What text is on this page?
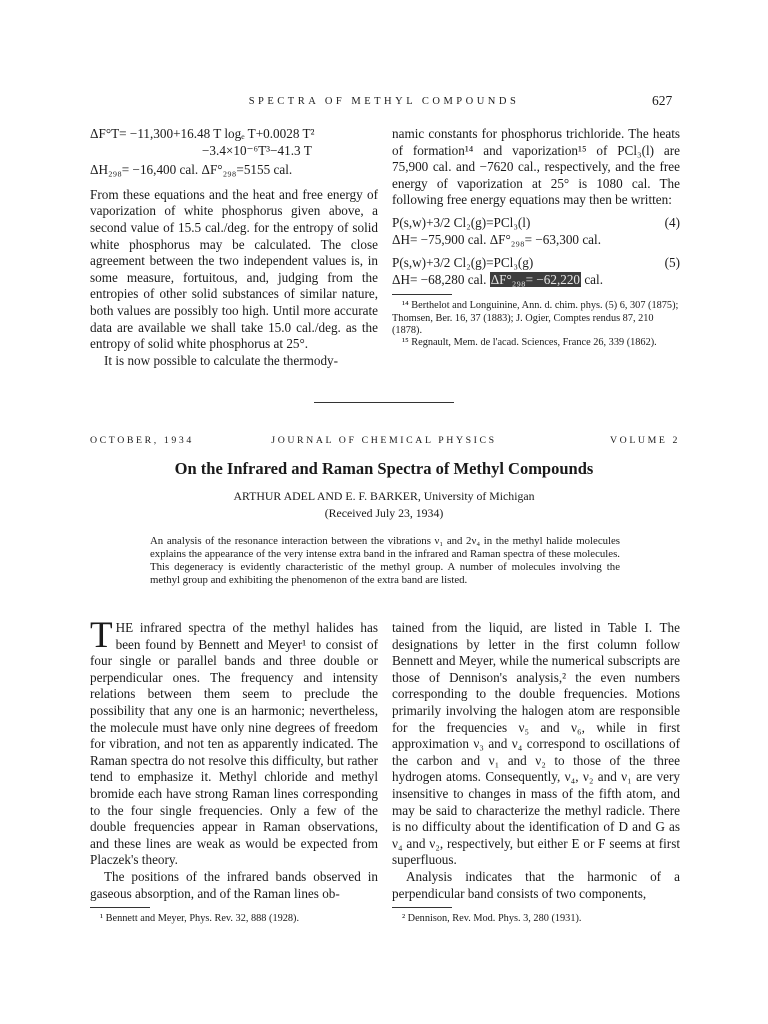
SPECTRA OF METHYL COMPOUNDS	627
ΔF°T= −11,300+16.48 T logₑ T+0.0028 T²
−3.4×10⁻⁶T³−41.3 T
ΔH₂₉₈= −16,400 cal. ΔF°₂₉₈=5155 cal.

From these equations and the heat and free energy of vaporization of white phosphorus given above, a second value of 15.5 cal./deg. for the entropy of solid white phosphorus may be calculated. The close agreement between the two independent values is, in some measure, fortuitous, and, judging from the entropies of other solid substances of similar nature, both values are possibly too high. Until more accurate data are available we shall take 15.0 cal./deg. as the entropy of solid white phosphorus at 25°.

It is now possible to calculate the thermody-

namic constants for phosphorus trichloride. The heats of formation¹⁴ and vaporization¹⁵ of PCl₃(l) are 75,900 cal. and −7620 cal., respectively, and the free energy of vaporization at 25° is 1080 cal. The following free energy equations may then be written:

P(s,w)+3/2 Cl₂(g)=PCl₃(l)	(4)
ΔH= −75,900 cal. ΔF°₂₉₈= −63,300 cal.
P(s,w)+3/2 Cl₂(g)=PCl₃(g)	(5)
ΔH= −68,280 cal. ΔF°₂₉₈= −62,220 cal.

¹⁴ Berthelot and Longuinine, Ann. d. chim. phys. (5) 6, 307 (1875); Thomsen, Ber. 16, 37 (1883); J. Ogier, Comptes rendus 87, 210 (1878).

¹⁵ Regnault, Mem. de l'acad. Sciences, France 26, 339 (1862).

OCTOBER, 1934	JOURNAL OF CHEMICAL PHYSICS	VOLUME 2
On the Infrared and Raman Spectra of Methyl Compounds
ARTHUR ADEL AND E. F. BARKER, University of Michigan
(Received July 23, 1934)
An analysis of the resonance interaction between the vibrations ν₁ and 2ν₄ in the methyl halide molecules explains the appearance of the very intense extra band in the infrared and Raman spectra of these molecules. This degeneracy is evidently characteristic of the methyl group. A number of molecules involving the methyl group and exhibiting the phenomenon of the extra band are listed.

THE infrared spectra of the methyl halides has been found by Bennett and Meyer¹ to consist of four single or parallel bands and three double or perpendicular ones. The frequency and intensity relations between them seem to preclude the possibility that any one is an harmonic; nevertheless, the molecule must have only nine degrees of freedom for vibration, and not ten as apparently indicated. The Raman spectra do not resolve this difficulty, but rather tend to emphasize it. Methyl chloride and methyl bromide each have strong Raman lines corresponding to the four single frequencies. Only a few of the double frequencies appear in Raman observations, and these lines are weak as would be expected from Placzek's theory.

The positions of the infrared bands observed in gaseous absorption, and of the Raman lines ob-

¹ Bennett and Meyer, Phys. Rev. 32, 888 (1928).

tained from the liquid, are listed in Table I. The designations by letter in the first column follow Bennett and Meyer, while the numerical subscripts are those of Dennison's analysis,² the even numbers corresponding to the double frequencies. Motions primarily involving the halogen atom are responsible for the frequencies ν₅ and ν₆, while in first approximation ν₃ and ν₄ correspond to oscillations of the carbon and ν₁ and ν₂ to those of the three hydrogen atoms. Consequently, ν₄, ν₂ and ν₁ are very insensitive to changes in mass of the fifth atom, and may be said to characterize the methyl radicle. There is no difficulty about the identification of D and G as ν₄ and ν₂, respectively, but either E or F seems at first superfluous.

Analysis indicates that the harmonic of a perpendicular band consists of two components,

² Dennison, Rev. Mod. Phys. 3, 280 (1931).
